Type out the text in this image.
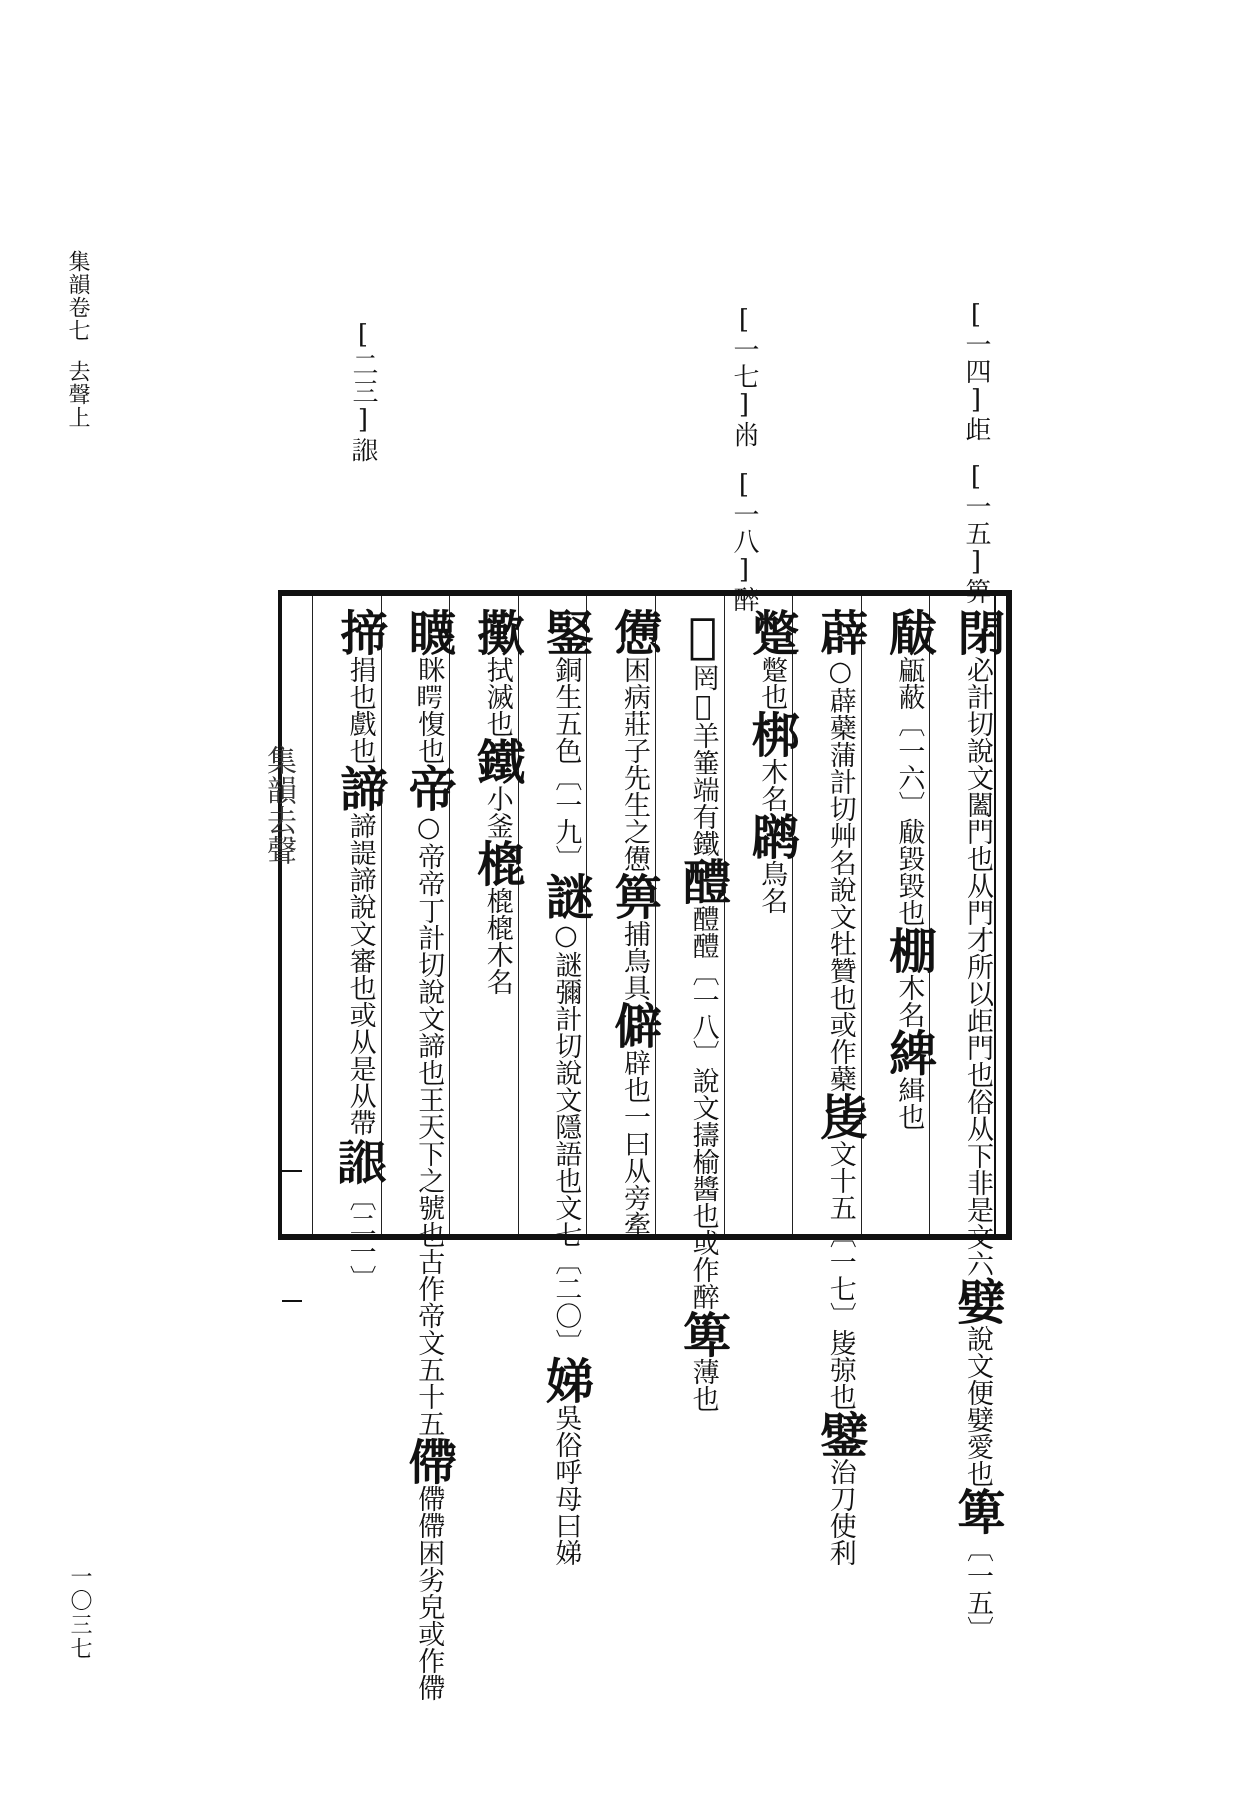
集韻卷七去聲上
一〇三七
[一四]歫
[一五]箅
[一七]㡀
[一八]醉
[二三]𧩺
閉必計切說文闔門也从門才所以歫門也俗从下非是文六嬖說文便嬖愛也箄〔一五〕
瞂甂蔽〔一六〕瞂毀毀也棚木名綼緝也
薜○薜蘗蒲計切艸名說文牡贊也或作蘗㿫文十五〔一七〕㿫弶也鐾治刀使利
蹩蹩也梆木名䴙鳥名
𪉔罔𪉔羊箠端有鐵醴醴醴〔一八〕說文擣榆醬也或作醉箄薄也
憊困病莊子先生之憊箅捕鳥具僻辟也一曰从旁牽
鋻銅生五色〔一九〕謎○謎彌計切說文隱語也文七〔二〇〕娣吳俗呼母曰娣
擹拭滅也鐵小釜㮰㮰㮰木名
䁾眯𥈭愎也帝○帝帝丁計切說文諦也王天下之號也古作帝文五十五僀僀僀困劣皃或作僀
揥捐也戲也諦諦諟諦說文審也或从是从帶𧩺〔二一〕
集韻去聲
